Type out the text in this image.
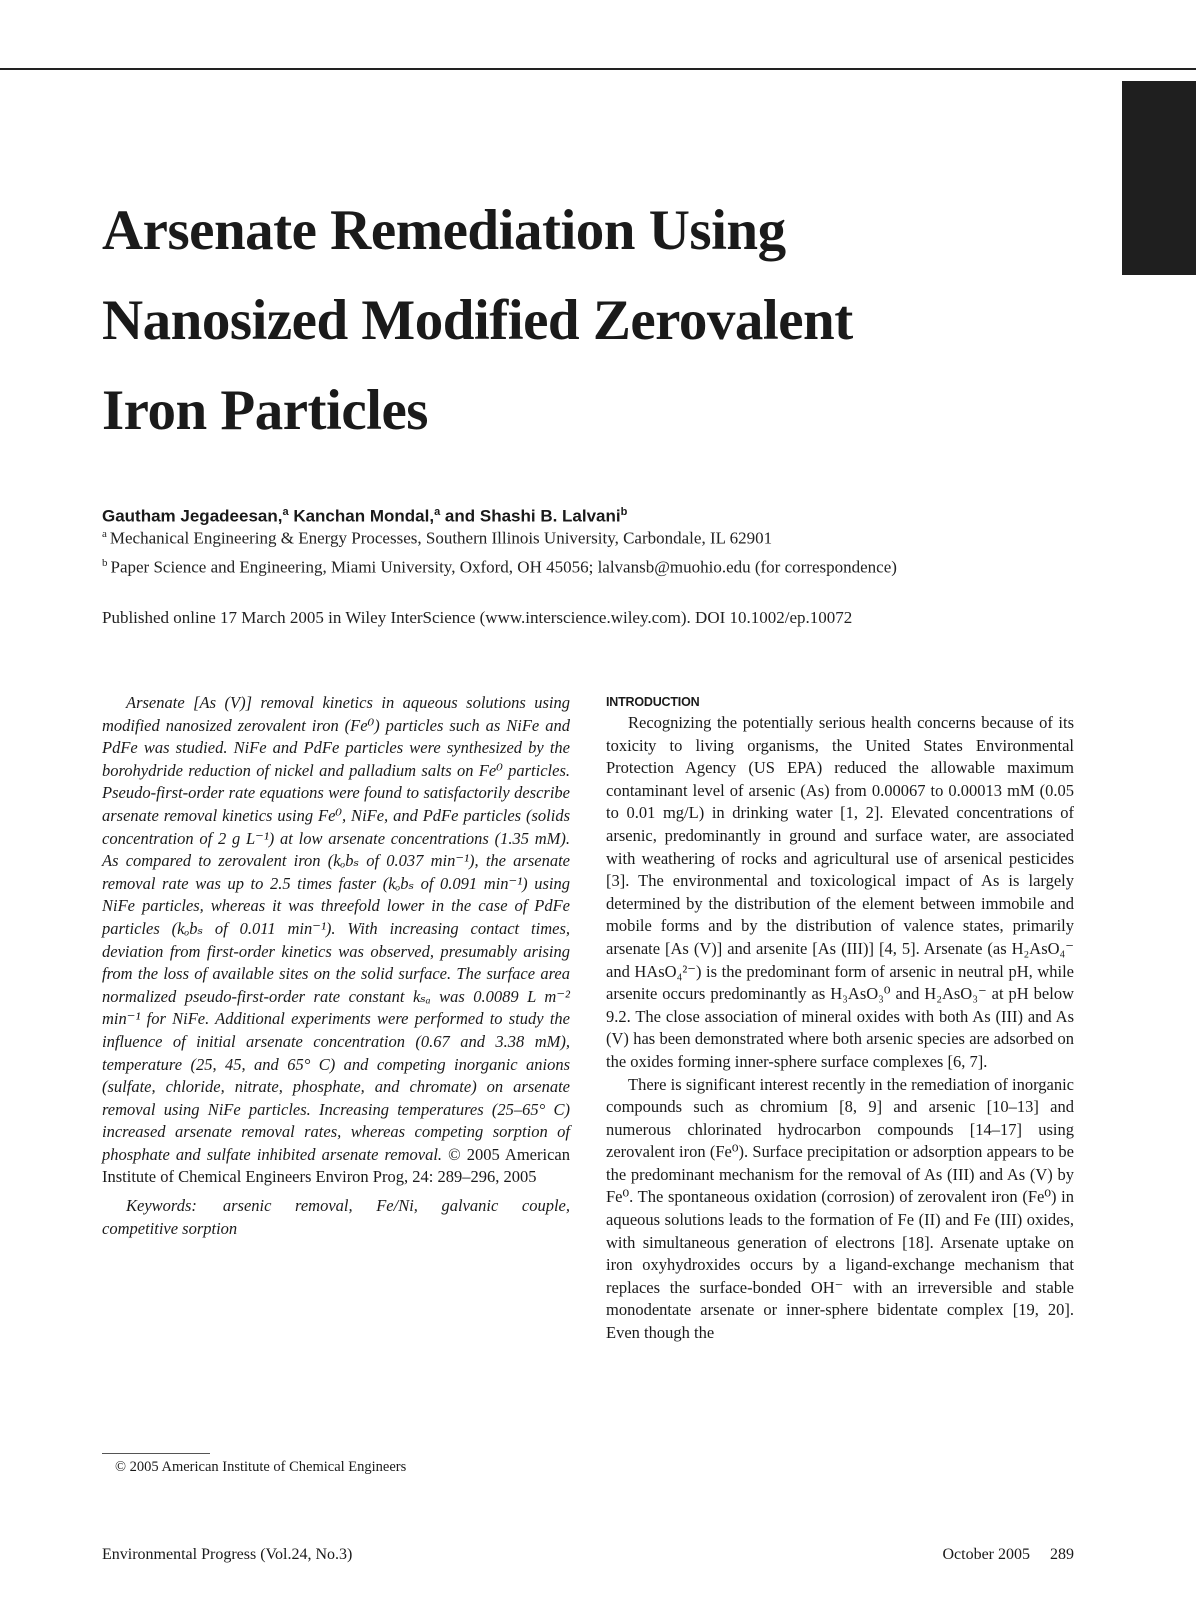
Arsenate Remediation Using
Nanosized Modified Zerovalent
Iron Particles
Gautham Jegadeesan,$^a$ Kanchan Mondal,$^a$ and Shashi B. Lalvani$^b$
$^a$ Mechanical Engineering & Energy Processes, Southern Illinois University, Carbondale, IL 62901
$^b$ Paper Science and Engineering, Miami University, Oxford, OH 45056; lalvansb@muohio.edu (for correspondence)
Published online 17 March 2005 in Wiley InterScience (www.interscience.wiley.com). DOI 10.1002/ep.10072

Arsenate [As (V)] removal kinetics in aqueous solutions using modified nanosized zerovalent iron (Fe⁰) particles such as NiFe and PdFe was studied. NiFe and PdFe particles were synthesized by the borohydride reduction of nickel and palladium salts on Fe⁰ particles. Pseudo-first-order rate equations were found to satisfactorily describe arsenate removal kinetics using Fe⁰, NiFe, and PdFe particles (solids concentration of 2 g L⁻¹) at low arsenate concentrations (1.35 mM). As compared to zerovalent iron (kₒbₛ of 0.037 min⁻¹), the arsenate removal rate was up to 2.5 times faster (kₒbₛ of 0.091 min⁻¹) using NiFe particles, whereas it was threefold lower in the case of PdFe particles (kₒbₛ of 0.011 min⁻¹). With increasing contact times, deviation from first-order kinetics was observed, presumably arising from the loss of available sites on the solid surface. The surface area normalized pseudo-first-order rate constant kₛₐ was 0.0089 L m⁻² min⁻¹ for NiFe. Additional experiments were performed to study the influence of initial arsenate concentration (0.67 and 3.38 mM), temperature (25, 45, and 65° C) and competing inorganic anions (sulfate, chloride, nitrate, phosphate, and chromate) on arsenate removal using NiFe particles. Increasing temperatures (25–65° C) increased arsenate removal rates, whereas competing sorption of phosphate and sulfate inhibited arsenate removal. © 2005 American Institute of Chemical Engineers Environ Prog, 24: 289–296, 2005

Keywords: arsenic removal, Fe/Ni, galvanic couple, competitive sorption

© 2005 American Institute of Chemical Engineers
INTRODUCTION

Recognizing the potentially serious health concerns because of its toxicity to living organisms, the United States Environmental Protection Agency (US EPA) reduced the allowable maximum contaminant level of arsenic (As) from 0.00067 to 0.00013 mM (0.05 to 0.01 mg/L) in drinking water [1, 2]. Elevated concentrations of arsenic, predominantly in ground and surface water, are associated with weathering of rocks and agricultural use of arsenical pesticides [3]. The environmental and toxicological impact of As is largely determined by the distribution of the element between immobile and mobile forms and by the distribution of valence states, primarily arsenate [As (V)] and arsenite [As (III)] [4, 5]. Arsenate (as H₂AsO₄⁻ and HAsO₄²⁻) is the predominant form of arsenic in neutral pH, while arsenite occurs predominantly as H₃AsO₃⁰ and H₂AsO₃⁻ at pH below 9.2. The close association of mineral oxides with both As (III) and As (V) has been demonstrated where both arsenic species are adsorbed on the oxides forming inner-sphere surface complexes [6, 7].

There is significant interest recently in the remediation of inorganic compounds such as chromium [8, 9] and arsenic [10–13] and numerous chlorinated hydrocarbon compounds [14–17] using zerovalent iron (Fe⁰). Surface precipitation or adsorption appears to be the predominant mechanism for the removal of As (III) and As (V) by Fe⁰. The spontaneous oxidation (corrosion) of zerovalent iron (Fe⁰) in aqueous solutions leads to the formation of Fe (II) and Fe (III) oxides, with simultaneous generation of electrons [18]. Arsenate uptake on iron oxyhydroxides occurs by a ligand-exchange mechanism that replaces the surface-bonded OH⁻ with an irreversible and stable monodentate arsenate or inner-sphere bidentate complex [19, 20]. Even though the

Environmental Progress (Vol.24, No.3)	October 2005 289
